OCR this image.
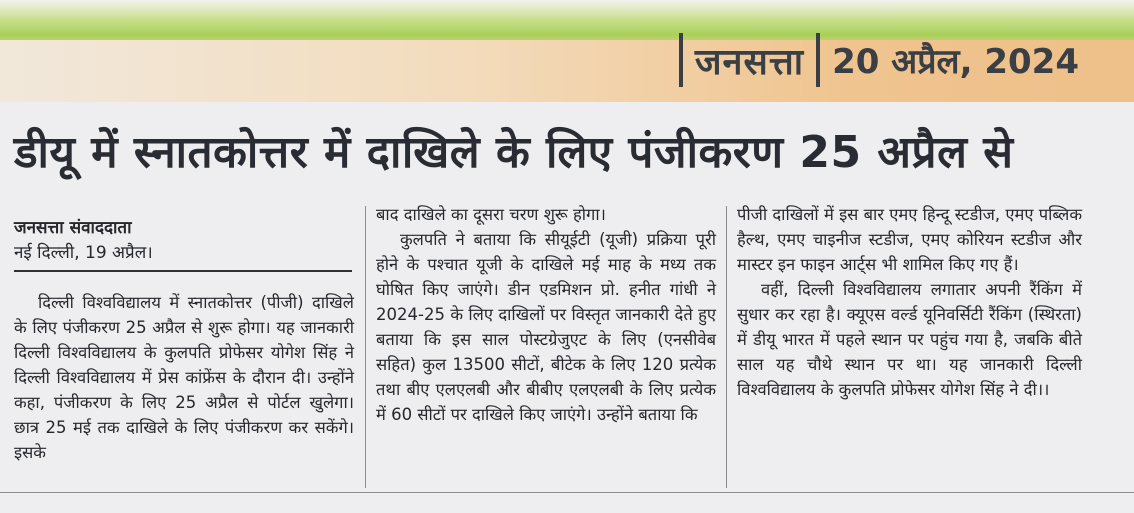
जनसत्ता 20 अप्रैल, 2024
डीयू में स्नातकोत्तर में दाखिले के लिए पंजीकरण 25 अप्रैल से
जनसत्ता संवाददाता
नई दिल्ली, 19 अप्रैल।

दिल्ली विश्वविद्यालय में स्नातकोत्तर (पीजी) दाखिले के लिए पंजीकरण 25 अप्रैल से शुरू होगा। यह जानकारी दिल्ली विश्वविद्यालय के कुलपति प्रोफेसर योगेश सिंह ने दिल्ली विश्वविद्यालय में प्रेस कांफ्रेंस के दौरान दी। उन्होंने कहा, पंजीकरण के लिए 25 अप्रैल से पोर्टल खुलेगा। छात्र 25 मई तक दाखिले के लिए पंजीकरण कर सकेंगे। इसके

बाद दाखिले का दूसरा चरण शुरू होगा।

कुलपति ने बताया कि सीयूईटी (यूजी) प्रक्रिया पूरी होने के पश्चात यूजी के दाखिले मई माह के मध्य तक घोषित किए जाएंगे। डीन एडमिशन प्रो. हनीत गांधी ने 2024-25 के लिए दाखिलों पर विस्तृत जानकारी देते हुए बताया कि इस साल पोस्टग्रेजुएट के लिए (एनसीवेब सहित) कुल 13500 सीटों, बीटेक के लिए 120 प्रत्येक तथा बीए एलएलबी और बीबीए एलएलबी के लिए प्रत्येक में 60 सीटों पर दाखिले किए जाएंगे। उन्होंने बताया कि

पीजी दाखिलों में इस बार एमए हिन्दू स्टडीज, एमए पब्लिक हैल्थ, एमए चाइनीज स्टडीज, एमए कोरियन स्टडीज और मास्टर इन फाइन आर्ट्स भी शामिल किए गए हैं।

वहीं, दिल्ली विश्वविद्यालय लगातार अपनी रैंकिंग में सुधार कर रहा है। क्यूएस वर्ल्ड यूनिवर्सिटी रैंकिंग (स्थिरता) में डीयू भारत में पहले स्थान पर पहुंच गया है, जबकि बीते साल यह चौथे स्थान पर था। यह जानकारी दिल्ली विश्वविद्यालय के कुलपति प्रोफेसर योगेश सिंह ने दी।।
